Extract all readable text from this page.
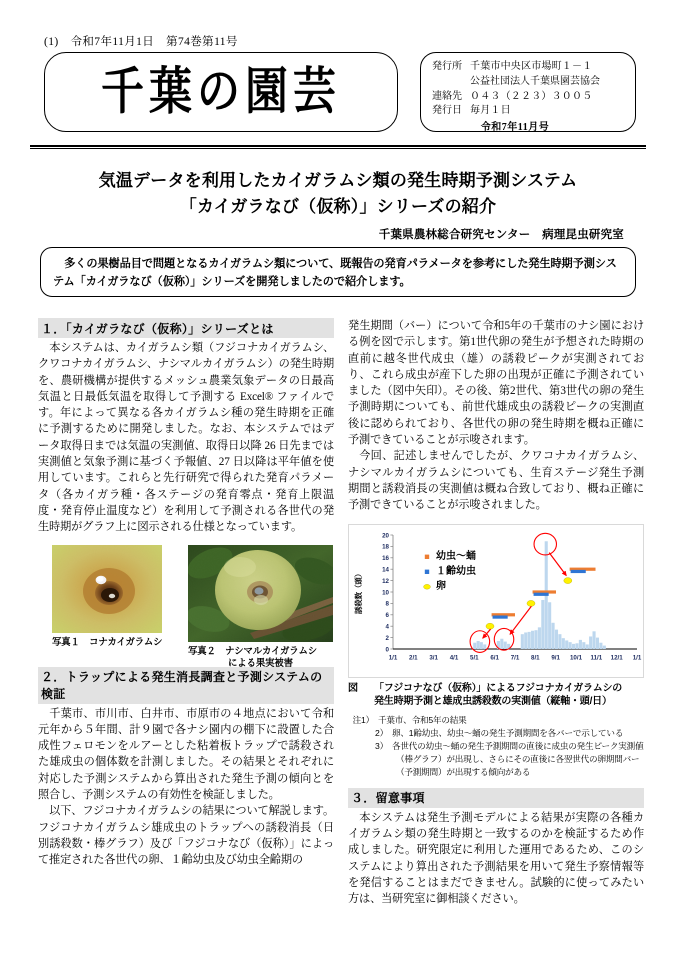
(1)　令和7年11月1日　第74巻第11号
千葉の園芸	発行所 千葉市中央区市場町１－１
公益社団法人千葉県園芸協会
連絡先 ０４３（２２３）３００５
発行日 毎月１日
令和7年11月号
気温データを利用したカイガラムシ類の発生時期予測システム
「カイガラなび（仮称）」シリーズの紹介
千葉県農林総合研究センター　病理昆虫研究室

多くの果樹品目で問題となるカイガラムシ類について、既報告の発育パラメータを参考にした発生時期予測システム「カイガラなび（仮称）」シリーズを開発しましたので紹介します。

１．「カイガラなび（仮称）」シリーズとは

本システムは、カイガラムシ類（フジコナカイガラムシ、クワコナカイガラムシ、ナシマルカイガラムシ）の発生時期を、農研機構が提供するメッシュ農業気象データの日最高気温と日最低気温を取得して予測する Excel® ファイルです。年によって異なる各カイガラムシ種の発生時期を正確に予測するために開発しました。なお、本システムではデータ取得日までは気温の実測値、取得日以降 26 日先までは実測値と気象予測に基づく予報値、27 日以降は平年値を使用しています。これらと先行研究で得られた発育パラメータ（各カイガラ種・各ステージの発育零点・発育上限温度・発育停止温度など）を利用して予測される各世代の発生時期がグラフ上に図示される仕様となっています。

写真１　コナカイガラムシ
写真２　ナシマルカイガラムシ
による果実被害
２．トラップによる発生消長調査と予測システムの検証

千葉市、市川市、白井市、市原市の４地点において令和元年から５年間、計９園で各ナシ園内の棚下に設置した合成性フェロモンをルアーとした粘着板トラップで誘殺された雄成虫の個体数を計測しました。その結果とそれぞれに対応した予測システムから算出された発生予測の傾向とを照合し、予測システムの有効性を検証しました。

以下、フジコナカイガラムシの結果について解説します。フジコナカイガラムシ雄成虫のトラップへの誘殺消長（日別誘殺数・棒グラフ）及び「フジコナなび（仮称）」によって推定された各世代の卵、１齢幼虫及び幼虫全齢期の

発生期間（バー）について令和5年の千葉市のナシ園における例を図で示します。第1世代卵の発生が予想された時期の直前に越冬世代成虫（雄）の誘殺ピークが実測されており、これら成虫が産下した卵の出現が正確に予測されていました（図中矢印）。その後、第2世代、第3世代の卵の発生予測時期についても、前世代雄成虫の誘殺ピークの実測直後に認められており、各世代の卵の発生時期を概ね正確に予測できていることが示唆されます。

今回、記述しませんでしたが、クワコナカイガラムシ、ナシマルカイガラムシについても、生育ステージ発生予測期間と誘殺消長の実測値は概ね合致しており、概ね正確に予測できていることが示唆されました。

0
2
4
6
8
10
12
14
16
18
20
誘殺数（頭）
1/1 2/1 3/1 4/1 5/1 6/1 7/1 8/1 9/1 10/1 11/1 12/1 1/1
幼虫～蛹
１齢幼虫
卵
図	「フジコナなび（仮称）」によるフジコナカイガラムシの
発生時期予測と雄成虫誘殺数の実測値（縦軸・頭/日）
注1） 千葉市、令和5年の結果
2） 卵、1齢幼虫、幼虫～蛹の発生予測期間を各バーで示している
3） 各世代の幼虫～蛹の発生予測期間の直後に成虫の発生ピーク実測値
（棒グラフ）が出現し、さらにその直後に各翌世代の卵期間バー
（予測期間）が出現する傾向がある
３．留意事項

本システムは発生予測モデルによる結果が実際の各種カイガラムシ類の発生時期と一致するのかを検証するため作成しました。研究限定に利用した運用であるため、このシステムにより算出された予測結果を用いて発生予察情報等を発信することはまだできません。試験的に使ってみたい方は、当研究室に御相談ください。
